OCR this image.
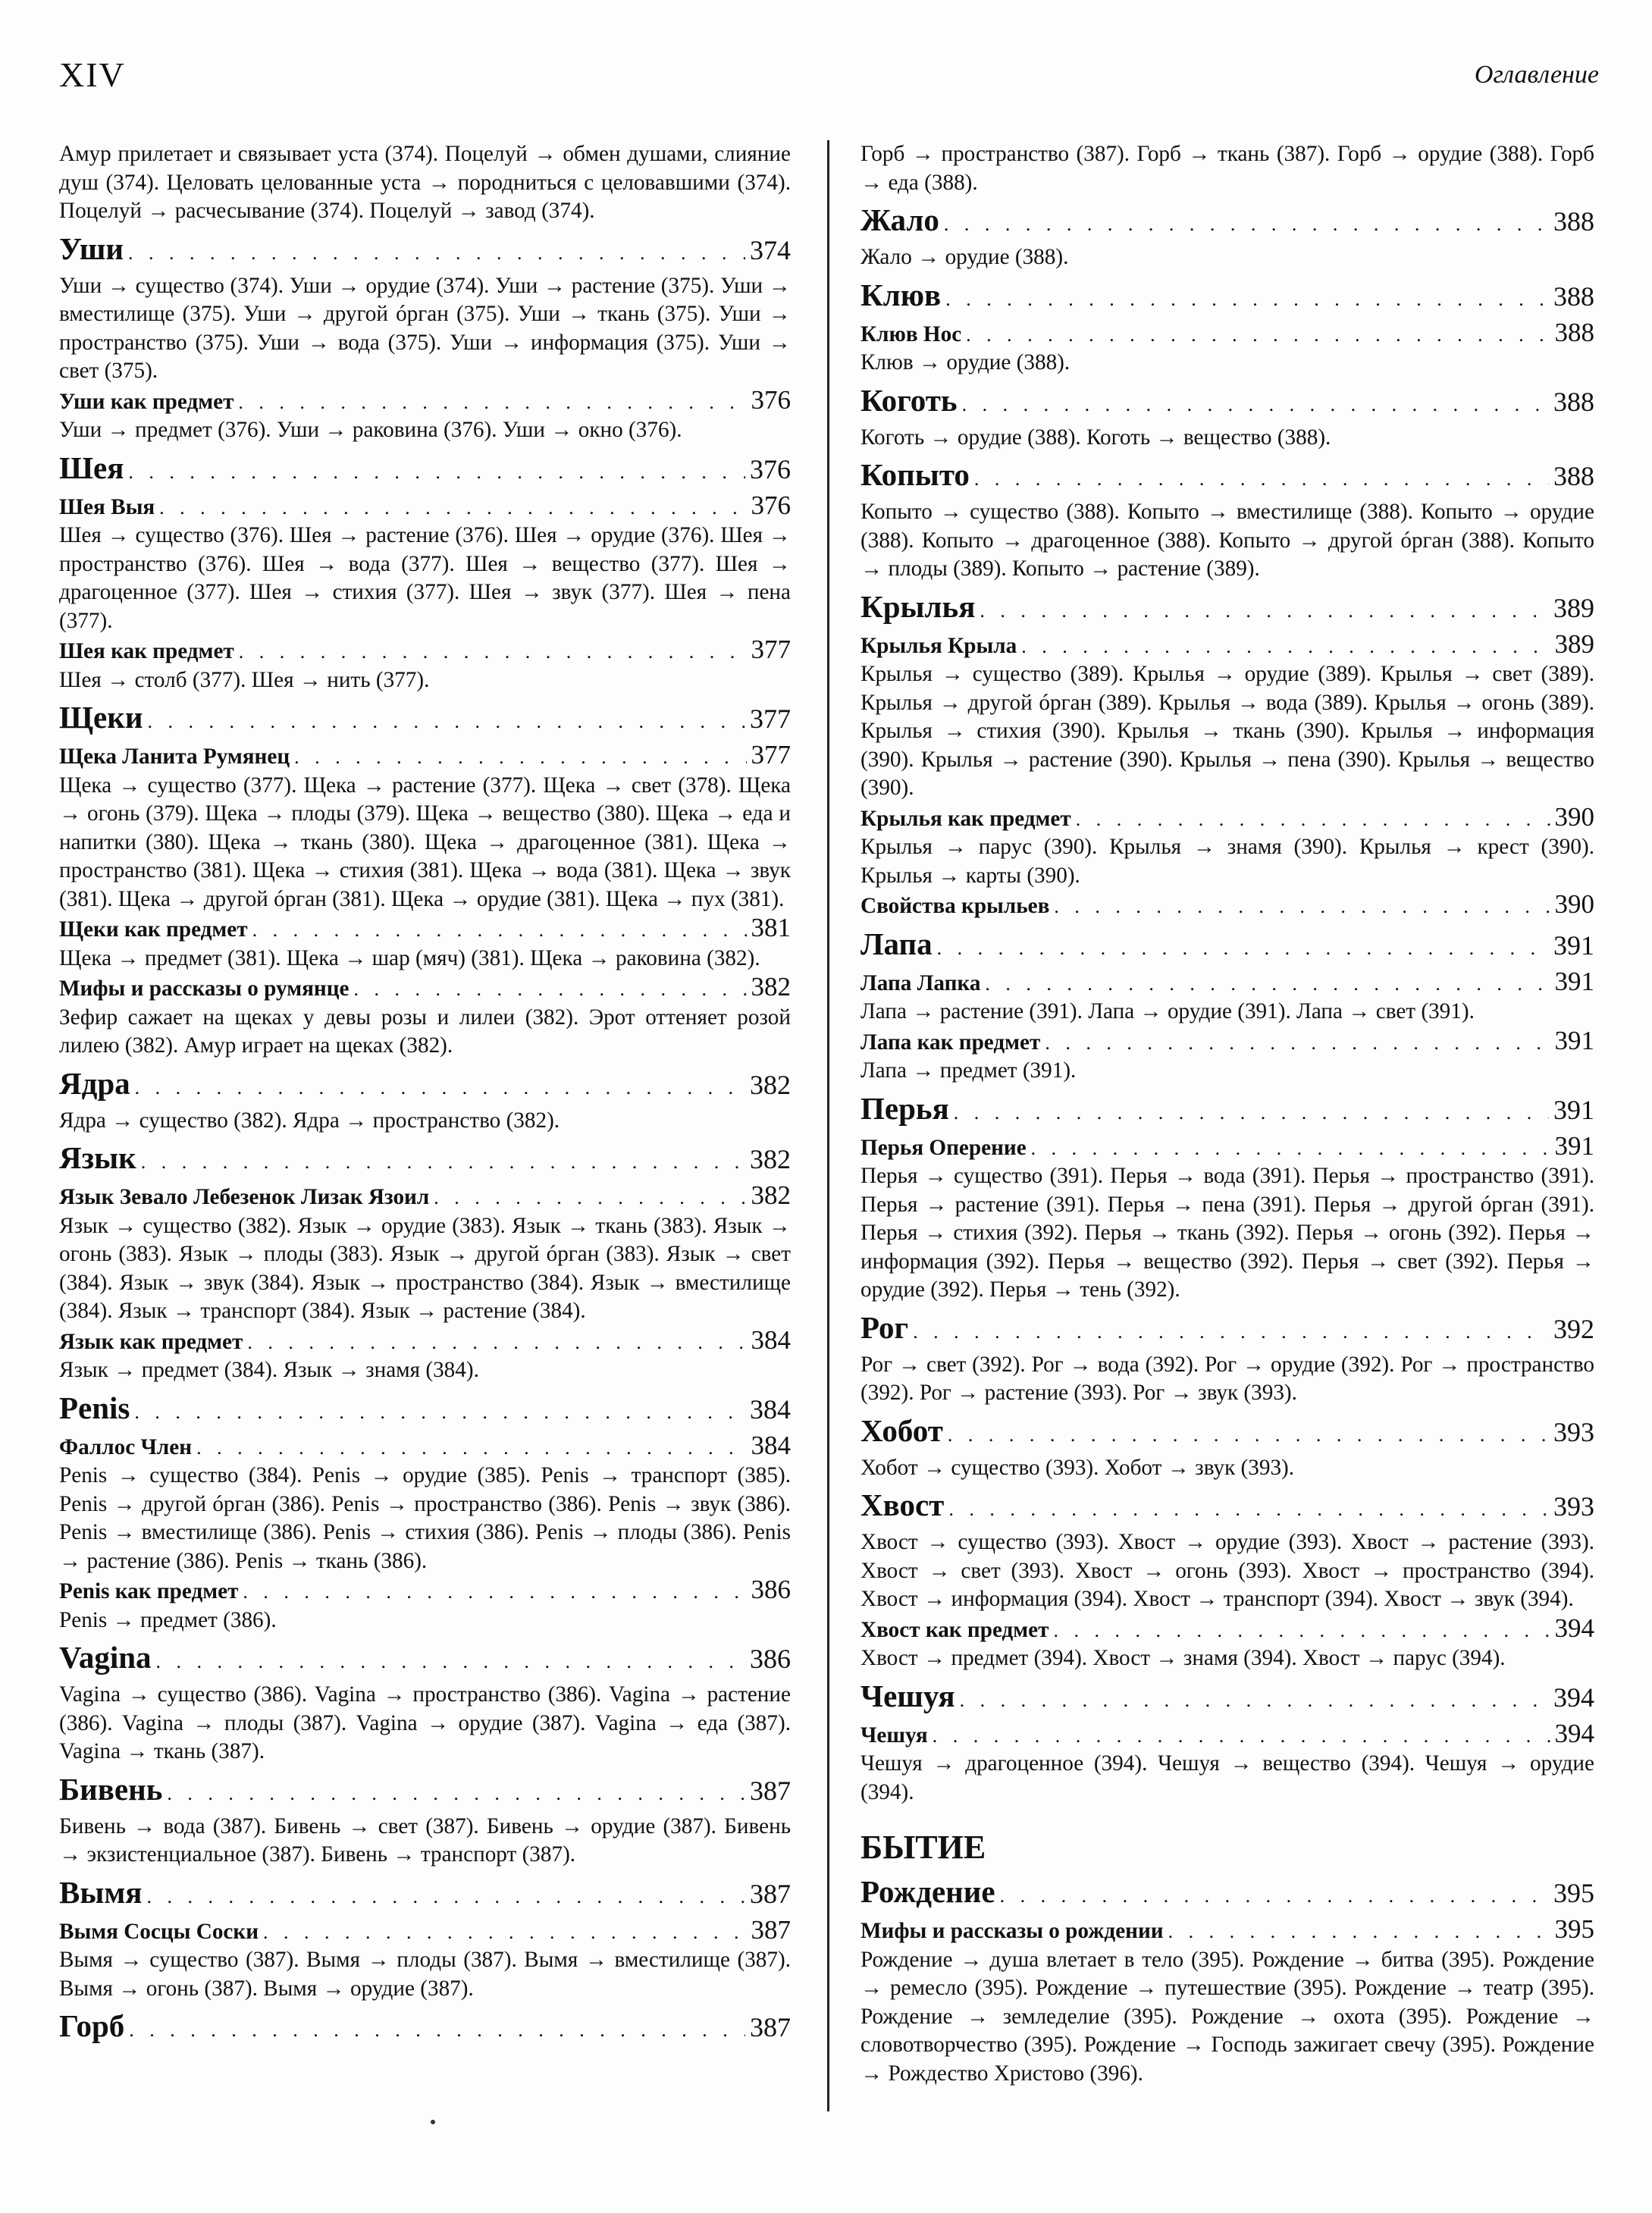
XIV	Оглавление

Амур прилетает и связывает уста (374). Поцелуй → обмен душами, слияние душ (374). Целовать целованные уста → породниться с целовавшими (374). Поцелуй → расчесывание (374). Поцелуй → завод (374).

Уши . . .	374

Уши → существо (374). Уши → орудие (374). Уши → растение (375). Уши → вместилище (375). Уши → другой óрган (375). Уши → ткань (375). Уши → пространство (375). Уши → вода (375). Уши → информация (375). Уши → свет (375).

Уши как предмет . . .	376

Уши → предмет (376). Уши → раковина (376). Уши → окно (376).

Шея . . .	376
Шея Выя . . .	376

Шея → существо (376). Шея → растение (376). Шея → орудие (376). Шея → пространство (376). Шея → вода (377). Шея → вещество (377). Шея → драгоценное (377). Шея → стихия (377). Шея → звук (377). Шея → пена (377).

Шея как предмет . . .	377

Шея → столб (377). Шея → нить (377).

Щеки . . .	377
Щека Ланита Румянец . . .	377

Щека → существо (377). Щека → растение (377). Щека → свет (378). Щека → огонь (379). Щека → плоды (379). Щека → вещество (380). Щека → еда и напитки (380). Щека → ткань (380). Щека → драгоценное (381). Щека → пространство (381). Щека → стихия (381). Щека → вода (381). Щека → звук (381). Щека → другой óрган (381). Щека → орудие (381). Щека → пух (381).

Щеки как предмет . . .	381

Щека → предмет (381). Щека → шар (мяч) (381). Щека → раковина (382).

Мифы и рассказы о румянце . . .	382

Зефир сажает на щеках у девы розы и лилеи (382). Эрот оттеняет розой лилею (382). Амур играет на щеках (382).

Ядра . . .	382

Ядра → существо (382). Ядра → пространство (382).

Язык . . .	382
Язык Зевало Лебезенок Лизак Язоил . . .	382

Язык → существо (382). Язык → орудие (383). Язык → ткань (383). Язык → огонь (383). Язык → плоды (383). Язык → другой óрган (383). Язык → свет (384). Язык → звук (384). Язык → пространство (384). Язык → вместилище (384). Язык → транспорт (384). Язык → растение (384).

Язык как предмет . . .	384

Язык → предмет (384). Язык → знамя (384).

Penis . . .	384
Фаллос Член . . .	384

Penis → существо (384). Penis → орудие (385). Penis → транспорт (385). Penis → другой óрган (386). Penis → пространство (386). Penis → звук (386). Penis → вместилище (386). Penis → стихия (386). Penis → плоды (386). Penis → растение (386). Penis → ткань (386).

Penis как предмет . . .	386

Penis → предмет (386).

Vagina . . .	386

Vagina → существо (386). Vagina → пространство (386). Vagina → растение (386). Vagina → плоды (387). Vagina → орудие (387). Vagina → еда (387). Vagina → ткань (387).

Бивень . . .	387

Бивень → вода (387). Бивень → свет (387). Бивень → орудие (387). Бивень → экзистенциальное (387). Бивень → транспорт (387).

Вымя . . .	387
Вымя Сосцы Соски . . .	387

Вымя → существо (387). Вымя → плоды (387). Вымя → вместилище (387). Вымя → огонь (387). Вымя → орудие (387).

Горб . . .	387

Горб → пространство (387). Горб → ткань (387). Горб → орудие (388). Горб → еда (388).

Жало . . .	388

Жало → орудие (388).

Клюв . . .	388
Клюв Нос . . .	388

Клюв → орудие (388).

Коготь . . .	388

Коготь → орудие (388). Коготь → вещество (388).

Копыто . . .	388

Копыто → существо (388). Копыто → вместилище (388). Копыто → орудие (388). Копыто → драгоценное (388). Копыто → другой óрган (388). Копыто → плоды (389). Копыто → растение (389).

Крылья . . .	389
Крылья Крыла . . .	389

Крылья → существо (389). Крылья → орудие (389). Крылья → свет (389). Крылья → другой óрган (389). Крылья → вода (389). Крылья → огонь (389). Крылья → стихия (390). Крылья → ткань (390). Крылья → информация (390). Крылья → растение (390). Крылья → пена (390). Крылья → вещество (390).

Крылья как предмет . . .	390

Крылья → парус (390). Крылья → знамя (390). Крылья → крест (390). Крылья → карты (390).

Свойства крыльев . . .	390
Лапа . . .	391
Лапа Лапка . . .	391

Лапа → растение (391). Лапа → орудие (391). Лапа → свет (391).

Лапа как предмет . . .	391

Лапа → предмет (391).

Перья . . .	391
Перья Оперение . . .	391

Перья → существо (391). Перья → вода (391). Перья → пространство (391). Перья → растение (391). Перья → пена (391). Перья → другой óрган (391). Перья → стихия (392). Перья → ткань (392). Перья → огонь (392). Перья → информация (392). Перья → вещество (392). Перья → свет (392). Перья → орудие (392). Перья → тень (392).

Рог . . .	392

Рог → свет (392). Рог → вода (392). Рог → орудие (392). Рог → пространство (392). Рог → растение (393). Рог → звук (393).

Хобот . . .	393

Хобот → существо (393). Хобот → звук (393).

Хвост . . .	393

Хвост → существо (393). Хвост → орудие (393). Хвост → растение (393). Хвост → свет (393). Хвост → огонь (393). Хвост → пространство (394). Хвост → информация (394). Хвост → транспорт (394). Хвост → звук (394).

Хвост как предмет . . .	394

Хвост → предмет (394). Хвост → знамя (394). Хвост → парус (394).

Чешуя . . .	394
Чешуя . . .	394

Чешуя → драгоценное (394). Чешуя → вещество (394). Чешуя → орудие (394).

БЫТИЕ
Рождение . . .	395
Мифы и рассказы о рождении . . .	395

Рождение → душа влетает в тело (395). Рождение → битва (395). Рождение → ремесло (395). Рождение → путешествие (395). Рождение → театр (395). Рождение → земледелие (395). Рождение → охота (395). Рождение → словотворчество (395). Рождение → Господь зажигает свечу (395). Рождение → Рождество Христово (396).
